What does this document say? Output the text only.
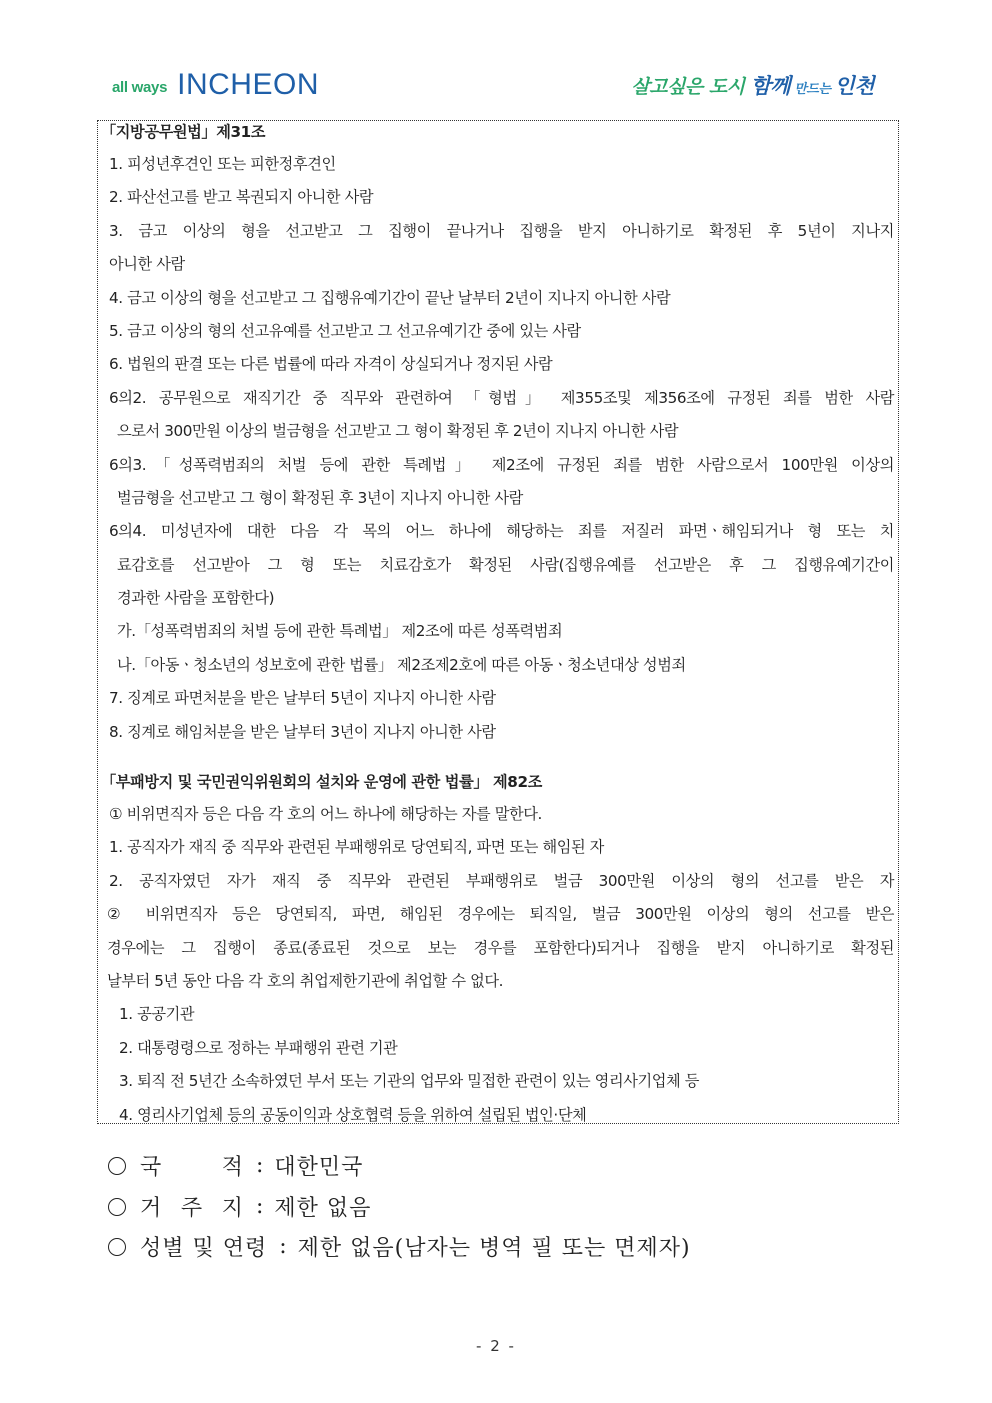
all ways INCHEON	살고싶은 도시 함께 만드는 인천
「지방공무원법」제31조
1. 피성년후견인 또는 피한정후견인
2. 파산선고를 받고 복권되지 아니한 사람
3. 금고 이상의 형을 선고받고 그 집행이 끝나거나 집행을 받지 아니하기로 확정된 후 5년이 지나지
아니한 사람
4. 금고 이상의 형을 선고받고 그 집행유예기간이 끝난 날부터 2년이 지나지 아니한 사람
5. 금고 이상의 형의 선고유예를 선고받고 그 선고유예기간 중에 있는 사람
6. 법원의 판결 또는 다른 법률에 따라 자격이 상실되거나 정지된 사람
6의2. 공무원으로 재직기간 중 직무와 관련하여 「형법」 제355조및 제356조에 규정된 죄를 범한 사람
으로서 300만원 이상의 벌금형을 선고받고 그 형이 확정된 후 2년이 지나지 아니한 사람
6의3.「성폭력범죄의 처벌 등에 관한 특례법」 제2조에 규정된 죄를 범한 사람으로서 100만원 이상의
벌금형을 선고받고 그 형이 확정된 후 3년이 지나지 아니한 사람
6의4. 미성년자에 대한 다음 각 목의 어느 하나에 해당하는 죄를 저질러 파면ㆍ해임되거나 형 또는 치
료감호를 선고받아 그 형 또는 치료감호가 확정된 사람(집행유예를 선고받은 후 그 집행유예기간이
경과한 사람을 포함한다)
가.「성폭력범죄의 처벌 등에 관한 특례법」 제2조에 따른 성폭력범죄
나.「아동ㆍ청소년의 성보호에 관한 법률」 제2조제2호에 따른 아동ㆍ청소년대상 성범죄
7. 징계로 파면처분을 받은 날부터 5년이 지나지 아니한 사람
8. 징계로 해임처분을 받은 날부터 3년이 지나지 아니한 사람
「부패방지 및 국민권익위원회의 설치와 운영에 관한 법률」 제82조
① 비위면직자 등은 다음 각 호의 어느 하나에 해당하는 자를 말한다.
1. 공직자가 재직 중 직무와 관련된 부패행위로 당연퇴직, 파면 또는 해임된 자
2. 공직자였던 자가 재직 중 직무와 관련된 부패행위로 벌금 300만원 이상의 형의 선고를 받은 자
② 비위면직자 등은 당연퇴직, 파면, 해임된 경우에는 퇴직일, 벌금 300만원 이상의 형의 선고를 받은
경우에는 그 집행이 종료(종료된 것으로 보는 경우를 포함한다)되거나 집행을 받지 아니하기로 확정된
날부터 5년 동안 다음 각 호의 취업제한기관에 취업할 수 없다.
1. 공공기관
2. 대통령령으로 정하는 부패행위 관련 기관
3. 퇴직 전 5년간 소속하였던 부서 또는 기관의 업무와 밀접한 관련이 있는 영리사기업체 등
4. 영리사기업체 등의 공동이익과 상호협력 등을 위하여 설립된 법인·단체
국 적 : 대한민국
거 주 지 : 제한 없음
성별 및 연령 : 제한 없음(남자는 병역 필 또는 면제자)
- 2 -
